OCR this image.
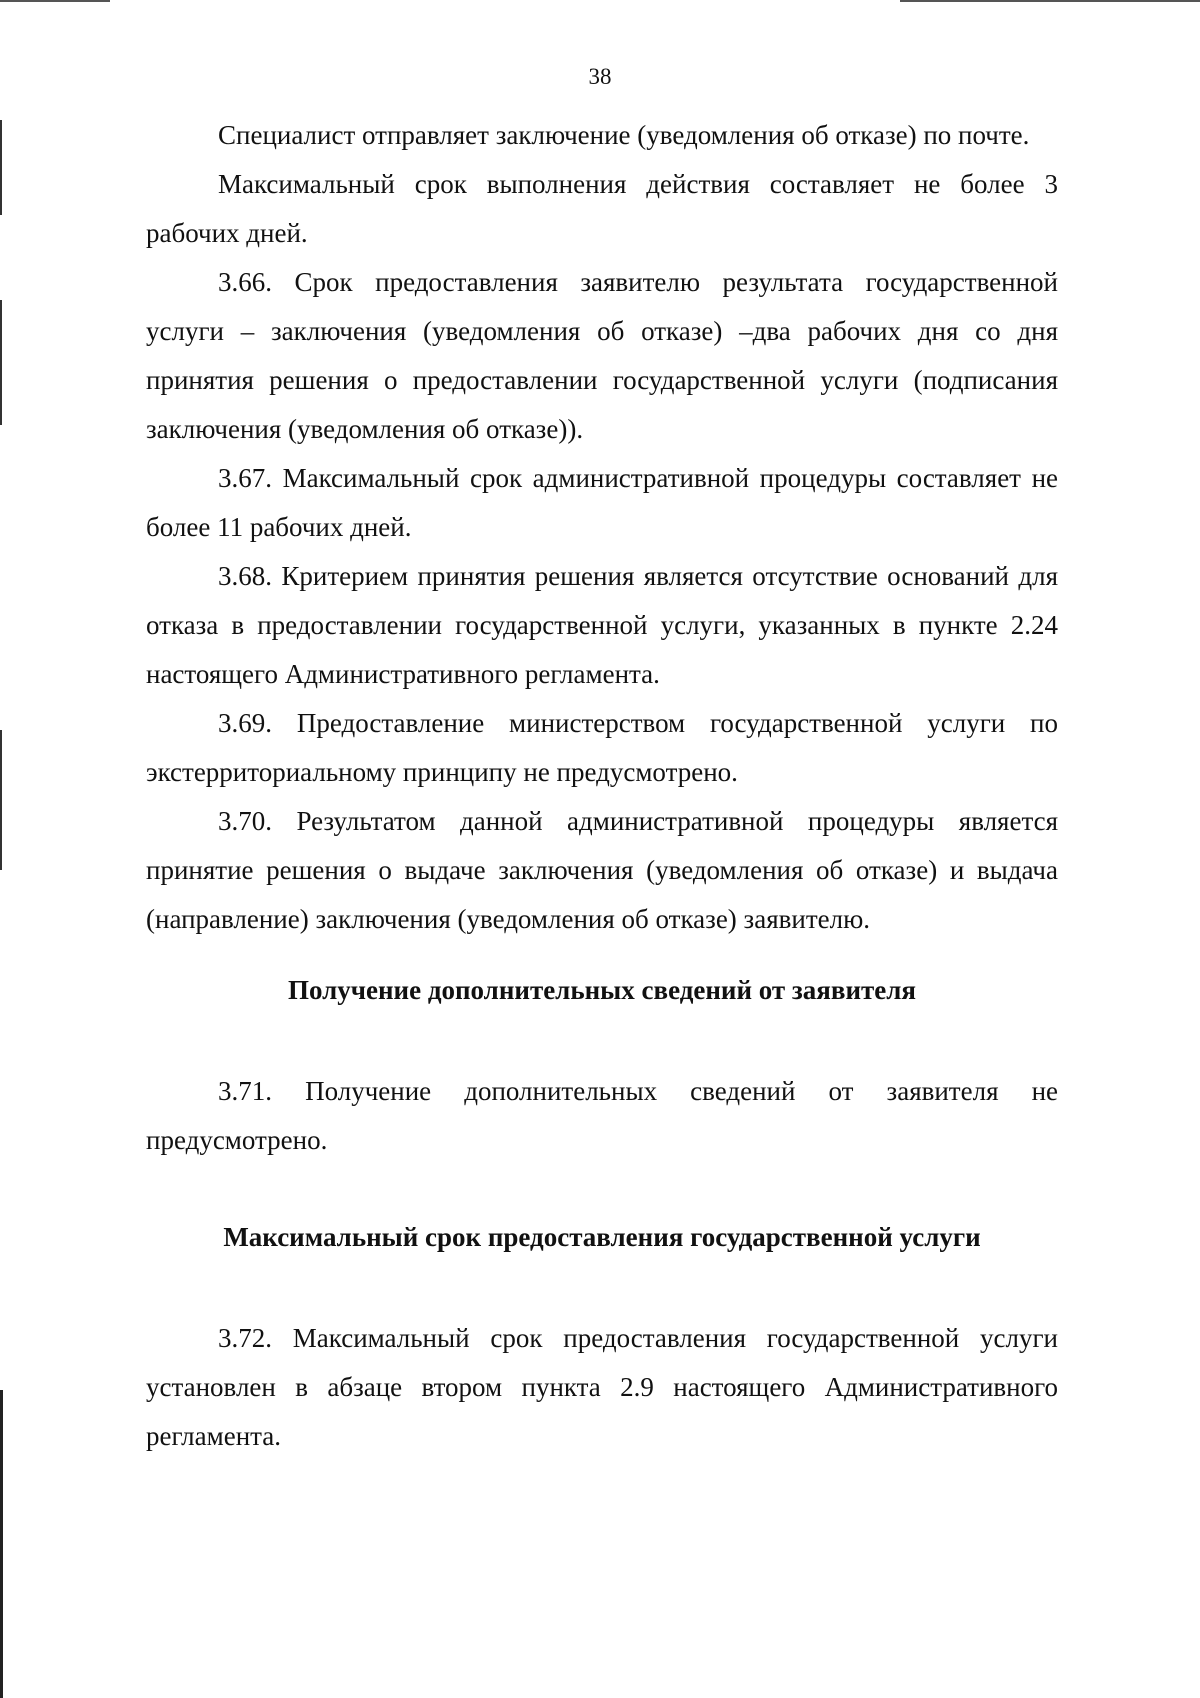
38

Специалист отправляет заключение (уведомления об отказе) по почте.

Максимальный срок выполнения действия составляет не более 3 рабочих дней.

3.66. Срок предоставления заявителю результата государственной услуги – заключения (уведомления об отказе) –два рабочих дня со дня принятия решения о предоставлении государственной услуги (подписания заключения (уведомления об отказе)).

3.67. Максимальный срок административной процедуры составляет не более 11 рабочих дней.

3.68. Критерием принятия решения является отсутствие оснований для отказа в предоставлении государственной услуги, указанных в пункте 2.24 настоящего Административного регламента.

3.69. Предоставление министерством государственной услуги по экстерриториальному принципу не предусмотрено.

3.70. Результатом данной административной процедуры является принятие решения о выдаче заключения (уведомления об отказе) и выдача (направление) заключения (уведомления об отказе) заявителю.

Получение дополнительных сведений от заявителя

3.71. Получение дополнительных сведений от заявителя не предусмотрено.

Максимальный срок предоставления государственной услуги

3.72. Максимальный срок предоставления государственной услуги установлен в абзаце втором пункта 2.9 настоящего Административного регламента.
